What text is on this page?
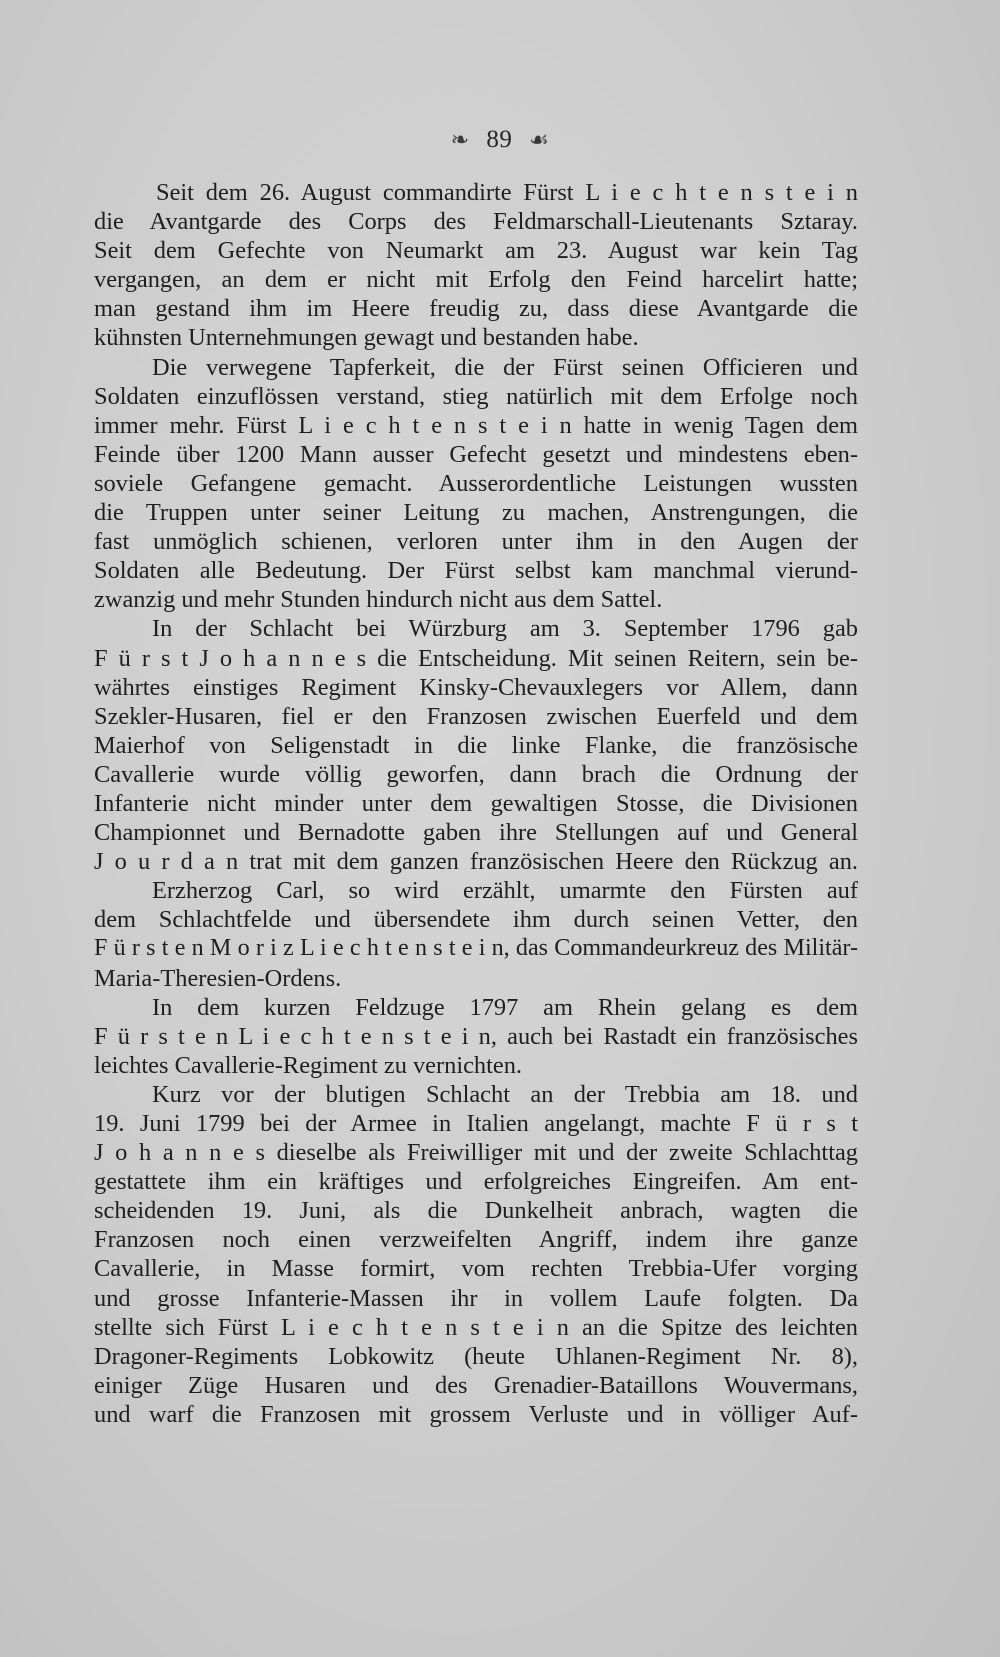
❧ 89 ☙
Seit dem 26. August commandirte Fürst L i e c h t e n s t e i n
die Avantgarde des Corps des Feldmarschall-Lieutenants Sztaray.
Seit dem Gefechte von Neumarkt am 23. August war kein Tag
vergangen, an dem er nicht mit Erfolg den Feind harcelirt hatte;
man gestand ihm im Heere freudig zu, dass diese Avantgarde die
kühnsten Unternehmungen gewagt und bestanden habe.
Die verwegene Tapferkeit, die der Fürst seinen Officieren und
Soldaten einzuflössen verstand, stieg natürlich mit dem Erfolge noch
immer mehr. Fürst L i e c h t e n s t e i n hatte in wenig Tagen dem
Feinde über 1200 Mann ausser Gefecht gesetzt und mindestens eben-
soviele Gefangene gemacht. Ausserordentliche Leistungen wussten
die Truppen unter seiner Leitung zu machen, Anstrengungen, die
fast unmöglich schienen, verloren unter ihm in den Augen der
Soldaten alle Bedeutung. Der Fürst selbst kam manchmal vierund-
zwanzig und mehr Stunden hindurch nicht aus dem Sattel.
In der Schlacht bei Würzburg am 3. September 1796 gab
F ü r s t J o h a n n e s die Entscheidung. Mit seinen Reitern, sein be-
währtes einstiges Regiment Kinsky-Chevauxlegers vor Allem, dann
Szekler-Husaren, fiel er den Franzosen zwischen Euerfeld und dem
Maierhof von Seligenstadt in die linke Flanke, die französische
Cavallerie wurde völlig geworfen, dann brach die Ordnung der
Infanterie nicht minder unter dem gewaltigen Stosse, die Divisionen
Championnet und Bernadotte gaben ihre Stellungen auf und General
J o u r d a n trat mit dem ganzen französischen Heere den Rückzug an.
Erzherzog Carl, so wird erzählt, umarmte den Fürsten auf
dem Schlachtfelde und übersendete ihm durch seinen Vetter, den
F ü r s t e n M o r i z L i e c h t e n s t e i n, das Commandeurkreuz des Militär-
Maria-Theresien-Ordens.
In dem kurzen Feldzuge 1797 am Rhein gelang es dem
F ü r s t e n L i e c h t e n s t e i n, auch bei Rastadt ein französisches
leichtes Cavallerie-Regiment zu vernichten.
Kurz vor der blutigen Schlacht an der Trebbia am 18. und
19. Juni 1799 bei der Armee in Italien angelangt, machte F ü r s t
J o h a n n e s dieselbe als Freiwilliger mit und der zweite Schlachttag
gestattete ihm ein kräftiges und erfolgreiches Eingreifen. Am ent-
scheidenden 19. Juni, als die Dunkelheit anbrach, wagten die
Franzosen noch einen verzweifelten Angriff, indem ihre ganze
Cavallerie, in Masse formirt, vom rechten Trebbia-Ufer vorging
und grosse Infanterie-Massen ihr in vollem Laufe folgten. Da
stellte sich Fürst L i e c h t e n s t e i n an die Spitze des leichten
Dragoner-Regiments Lobkowitz (heute Uhlanen-Regiment Nr. 8),
einiger Züge Husaren und des Grenadier-Bataillons Wouvermans,
und warf die Franzosen mit grossem Verluste und in völliger Auf-
